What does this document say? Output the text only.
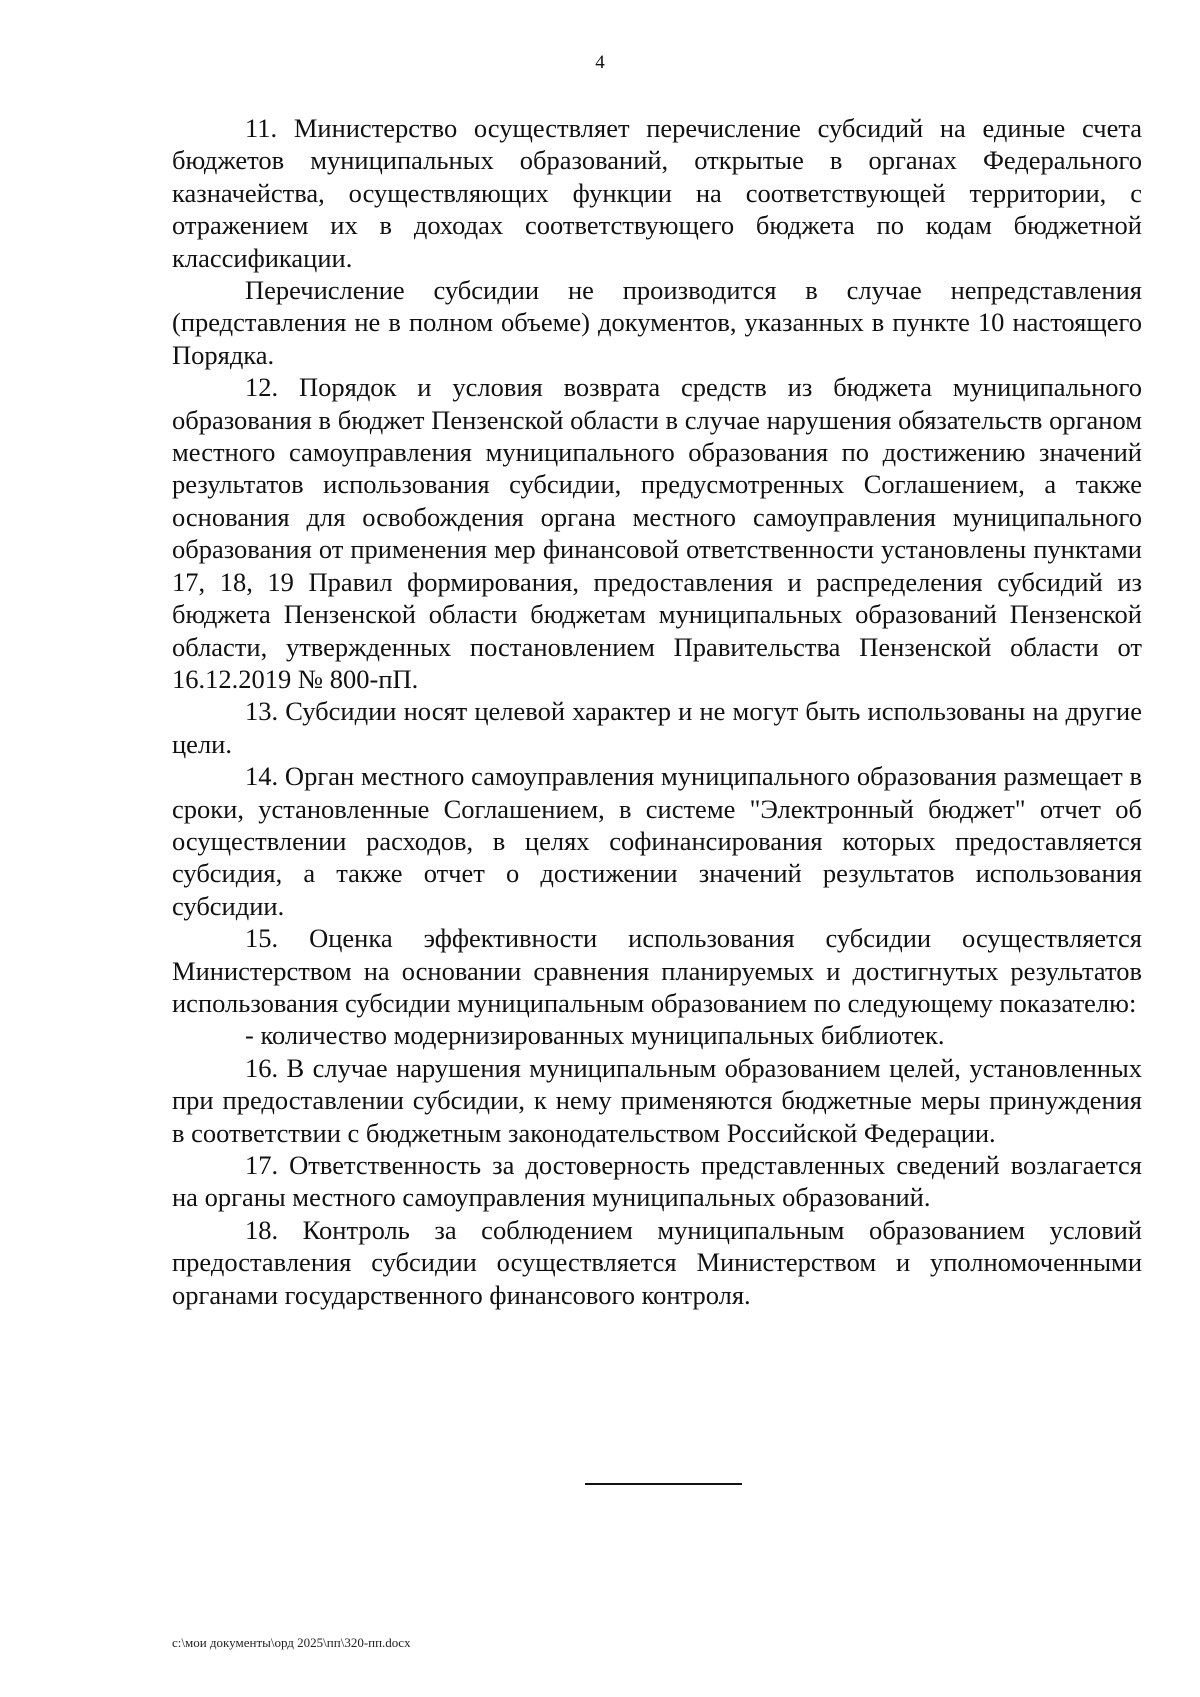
4

11. Министерство осуществляет перечисление субсидий на единые счета бюджетов муниципальных образований, открытые в органах Федерального казначейства, осуществляющих функции на соответствующей территории, с отражением их в доходах соответствующего бюджета по кодам бюджетной классификации.

Перечисление субсидии не производится в случае непредставления (представления не в полном объеме) документов, указанных в пункте 10 настоящего Порядка.

12. Порядок и условия возврата средств из бюджета муниципального образования в бюджет Пензенской области в случае нарушения обязательств органом местного самоуправления муниципального образования по достижению значений результатов использования субсидии, предусмотренных Соглашением, а также основания для освобождения органа местного самоуправления муниципального образования от применения мер финансовой ответственности установлены пунктами 17, 18, 19 Правил формирования, предоставления и распределения субсидий из бюджета Пензенской области бюджетам муниципальных образований Пензенской области, утвержденных постановлением Правительства Пензенской области от 16.12.2019 № 800-пП.

13. Субсидии носят целевой характер и не могут быть использованы на другие цели.

14. Орган местного самоуправления муниципального образования размещает в сроки, установленные Соглашением, в системе "Электронный бюджет" отчет об осуществлении расходов, в целях софинансирования которых предоставляется субсидия, а также отчет о достижении значений результатов использования субсидии.

15. Оценка эффективности использования субсидии осуществляется Министерством на основании сравнения планируемых и достигнутых результатов использования субсидии муниципальным образованием по следующему показателю:

- количество модернизированных муниципальных библиотек.

16. В случае нарушения муниципальным образованием целей, установленных при предоставлении субсидии, к нему применяются бюджетные меры принуждения в соответствии с бюджетным законодательством Российской Федерации.

17. Ответственность за достоверность представленных сведений возлагается на органы местного самоуправления муниципальных образований.

18. Контроль за соблюдением муниципальным образованием условий предоставления субсидии осуществляется Министерством и уполномоченными органами государственного финансового контроля.

c:\мои документы\орд 2025\пп\320-пп.docx
